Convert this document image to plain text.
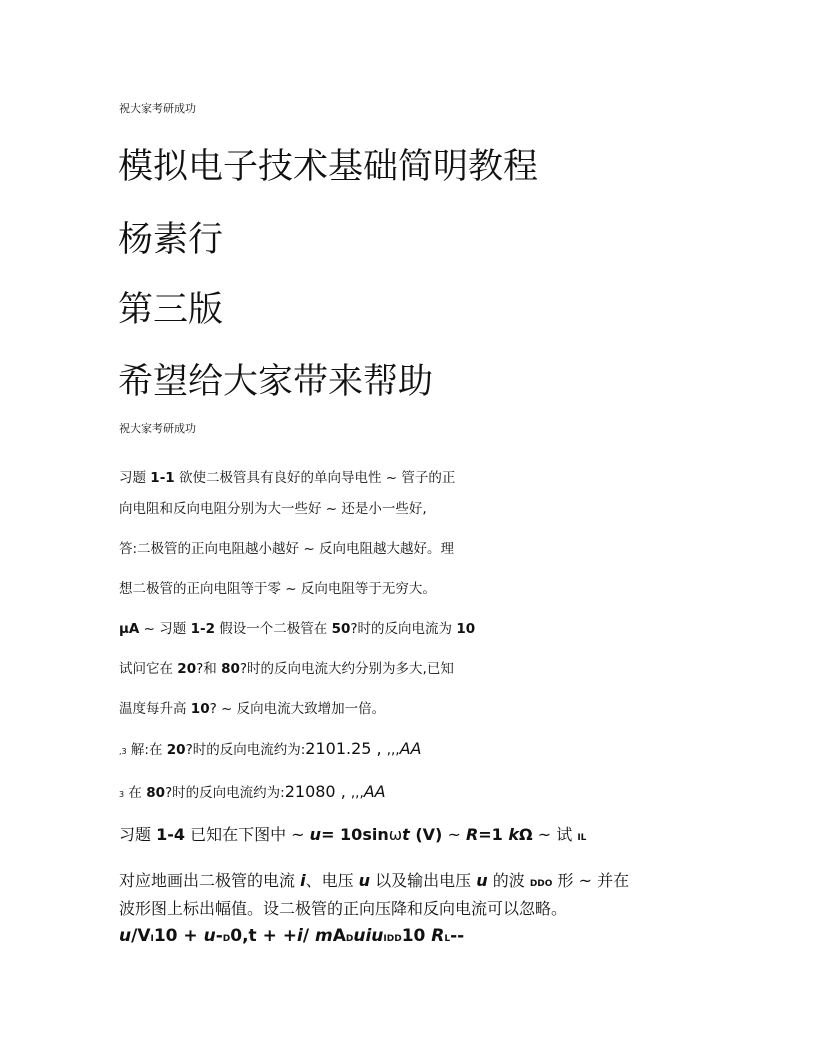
祝大家考研成功
模拟电子技术基础简明教程
杨素行
第三版
希望给大家带来帮助
祝大家考研成功
习题 1-1 欲使二极管具有良好的单向导电性 ~ 管子的正
向电阻和反向电阻分别为大一些好 ~ 还是小一些好,
答:二极管的正向电阻越小越好 ~ 反向电阻越大越好。理
想二极管的正向电阻等于零 ~ 反向电阻等于无穷大。
μA ~ 习题 1-2 假设一个二极管在 50?时的反向电流为 10
试问它在 20?和 80?时的反向电流大约分别为多大,已知
温度每升高 10? ~ 反向电流大致增加一倍。
,3 解:在 20?时的反向电流约为:2101.25 , ,,,AA
3 在 80?时的反向电流约为:21080 , ,,,AA
习题 1-4 已知在下图中 ~ u= 10sinωt (V) ~ R=1 kΩ ~ 试 IL
对应地画出二极管的电流 i、电压 u 以及输出电压 u 的波 DDO 形 ~ 并在
波形图上标出幅值。设二极管的正向压降和反向电流可以忽略。
u/VI10 + u-D0,t + +i/ mADuiuIDD10 RL--
